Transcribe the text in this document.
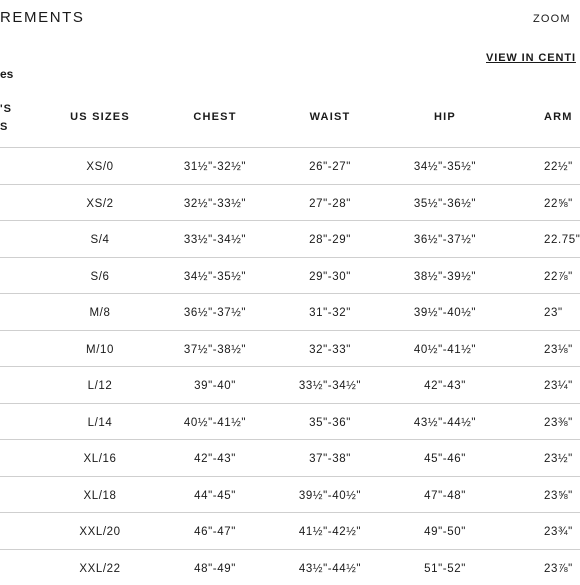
REMENTS	ZOOM
VIEW IN CENTI
es
'S
S
US SIZES	CHEST	WAIST	HIP	ARM
XS/0	31½"-32½"	26"-27"	34½"-35½"	22½"
XS/2	32½"-33½"	27"-28"	35½"-36½"	22⅝"
S/4	33½"-34½"	28"-29"	36½"-37½"	22.75"
S/6	34½"-35½"	29"-30"	38½"-39½"	22⅞"
M/8	36½"-37½"	31"-32"	39½"-40½"	23"
M/10	37½"-38½"	32"-33"	40½"-41½"	23⅛"
L/12	39"-40"	33½"-34½"	42"-43"	23¼"
L/14	40½"-41½"	35"-36"	43½"-44½"	23⅜"
XL/16	42"-43"	37"-38"	45"-46"	23½"
XL/18	44"-45"	39½"-40½"	47"-48"	23⅝"
XXL/20	46"-47"	41½"-42½"	49"-50"	23¾"
XXL/22	48"-49"	43½"-44½"	51"-52"	23⅞"
